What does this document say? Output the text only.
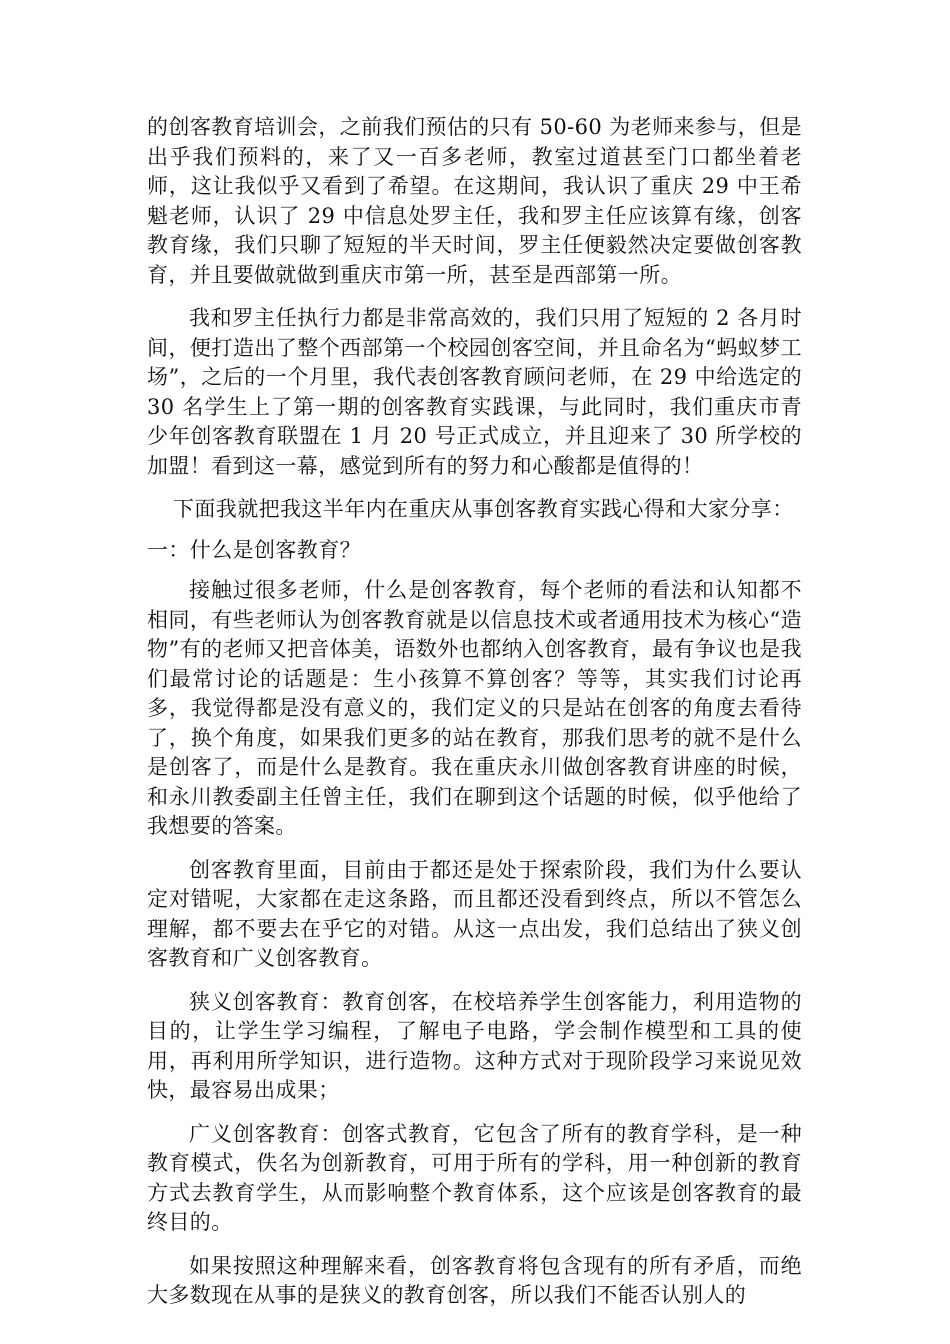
的创客教育培训会，之前我们预估的只有 50-60 为老师来参与，但是出乎我们预料的，来了又一百多老师，教室过道甚至门口都坐着老师，这让我似乎又看到了希望。在这期间，我认识了重庆 29 中王希魁老师，认识了 29 中信息处罗主任，我和罗主任应该算有缘，创客教育缘，我们只聊了短短的半天时间，罗主任便毅然决定要做创客教育，并且要做就做到重庆市第一所，甚至是西部第一所。

我和罗主任执行力都是非常高效的，我们只用了短短的 2 各月时间，便打造出了整个西部第一个校园创客空间，并且命名为“蚂蚁梦工场”，之后的一个月里，我代表创客教育顾问老师，在 29 中给选定的 30 名学生上了第一期的创客教育实践课，与此同时，我们重庆市青少年创客教育联盟在 1 月 20 号正式成立，并且迎来了 30 所学校的加盟！看到这一幕，感觉到所有的努力和心酸都是值得的！

下面我就把我这半年内在重庆从事创客教育实践心得和大家分享：

一：什么是创客教育？

接触过很多老师，什么是创客教育，每个老师的看法和认知都不相同，有些老师认为创客教育就是以信息技术或者通用技术为核心“造物”有的老师又把音体美，语数外也都纳入创客教育，最有争议也是我们最常讨论的话题是：生小孩算不算创客？等等，其实我们讨论再多，我觉得都是没有意义的，我们定义的只是站在创客的角度去看待了，换个角度，如果我们更多的站在教育，那我们思考的就不是什么是创客了，而是什么是教育。我在重庆永川做创客教育讲座的时候，和永川教委副主任曾主任，我们在聊到这个话题的时候，似乎他给了我想要的答案。

创客教育里面，目前由于都还是处于探索阶段，我们为什么要认定对错呢，大家都在走这条路，而且都还没看到终点，所以不管怎么理解，都不要去在乎它的对错。从这一点出发，我们总结出了狭义创客教育和广义创客教育。

狭义创客教育：教育创客，在校培养学生创客能力，利用造物的目的，让学生学习编程，了解电子电路，学会制作模型和工具的使用，再利用所学知识，进行造物。这种方式对于现阶段学习来说见效快，最容易出成果；

广义创客教育：创客式教育，它包含了所有的教育学科，是一种教育模式，佚名为创新教育，可用于所有的学科，用一种创新的教育方式去教育学生，从而影响整个教育体系，这个应该是创客教育的最终目的。

如果按照这种理解来看，创客教育将包含现有的所有矛盾，而绝大多数现在从事的是狭义的教育创客，所以我们不能否认别人的
